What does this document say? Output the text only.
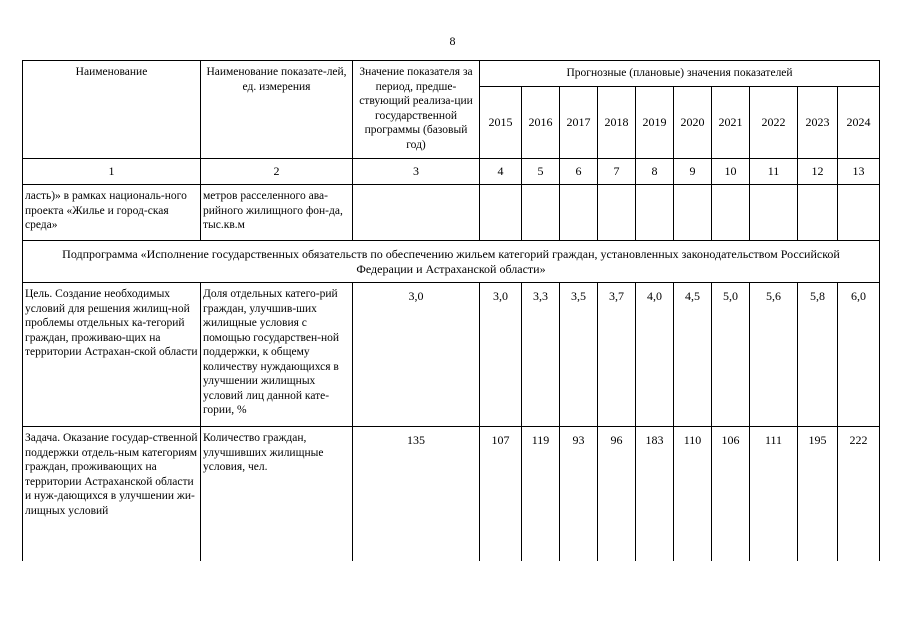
8
Наименование	Наименование показате-лей, ед. измерения	Значение показателя за период, предше-ствующий реализа-ции государственной программы (базовый год)	Прогнозные (плановые) значения показателей									
			2015	2016	2017	2018	2019	2020	2021	2022	2023	2024
1	2	3	4	5	6	7	8	9	10	11	12	13
ласть)» в рамках националь-ного проекта «Жилье и город-ская среда»	метров расселенного ава-рийного жилищного фон-да, тыс.кв.м											
Подпрограмма «Исполнение государственных обязательств по обеспечению жильем категорий граждан, установленных законодательством Российской Федерации и Астраханской области»												
Цель. Создание необходимых условий для решения жилищ-ной проблемы отдельных ка-тегорий граждан, проживаю-щих на территории Астрахан-ской области	Доля отдельных катего-рий граждан, улучшив-ших жилищные условия с помощью государствен-ной поддержки, к общему количеству нуждающихся в улучшении жилищных условий лиц данной кате-гории, %	3,0	3,0	3,3	3,5	3,7	4,0	4,5	5,0	5,6	5,8	6,0
Задача. Оказание государ-ственной поддержки отдель-ным категориям граждан, проживающих на территории Астраханской области и нуж-дающихся в улучшении жи-лищных условий	Количество граждан, улучшивших жилищные условия, чел.	135	107	119	93	96	183	110	106	111	195	222
